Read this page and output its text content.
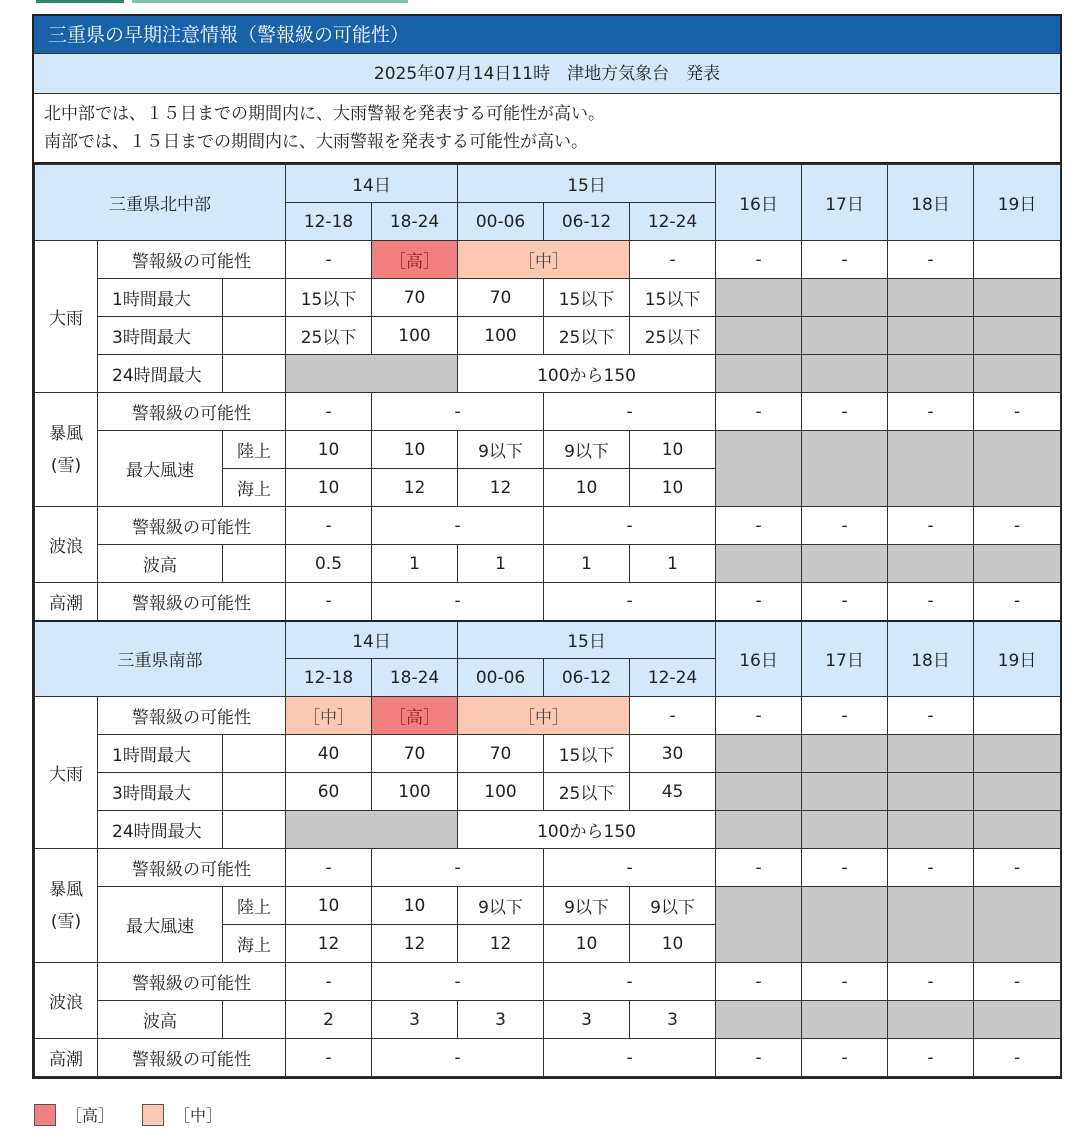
三重県の早期注意情報（警報級の可能性）
2025年07月14日11時　津地方気象台　発表
北中部では、１５日までの期間内に、大雨警報を発表する可能性が高い。
南部では、１５日までの期間内に、大雨警報を発表する可能性が高い。
三重県北中部			14日		15日			16日	17日	18日	19日
			12-18	18-24	00-06	06-12	12-24				
大雨	警報級の可能性		-	［高］	［中］		-	-	-	-	
	1時間最大		15以下	70	70	15以下	15以下				
	3時間最大		25以下	100	100	25以下	25以下				
	24時間最大				100から150						
暴風
(雪)	警報級の可能性		-	-		-		-	-	-	-
	最大風速	陸上	10	10	9以下	9以下	10				
		海上	10	12	12	10	10				
波浪	警報級の可能性		-	-		-		-	-	-	-
	波高		0.5	1	1	1	1				
高潮	警報級の可能性		-	-		-		-	-	-	-
三重県南部			14日		15日			16日	17日	18日	19日
			12-18	18-24	00-06	06-12	12-24				
大雨	警報級の可能性		［中］	［高］	［中］		-	-	-	-	
	1時間最大		40	70	70	15以下	30				
	3時間最大		60	100	100	25以下	45				
	24時間最大				100から150						
暴風
(雪)	警報級の可能性		-	-		-		-	-	-	-
	最大風速	陸上	10	10	9以下	9以下	9以下				
		海上	12	12	12	10	10				
波浪	警報級の可能性		-	-		-		-	-	-	-
	波高		2	3	3	3	3				
高潮	警報級の可能性		-	-		-		-	-	-	-
［高］	［中］
